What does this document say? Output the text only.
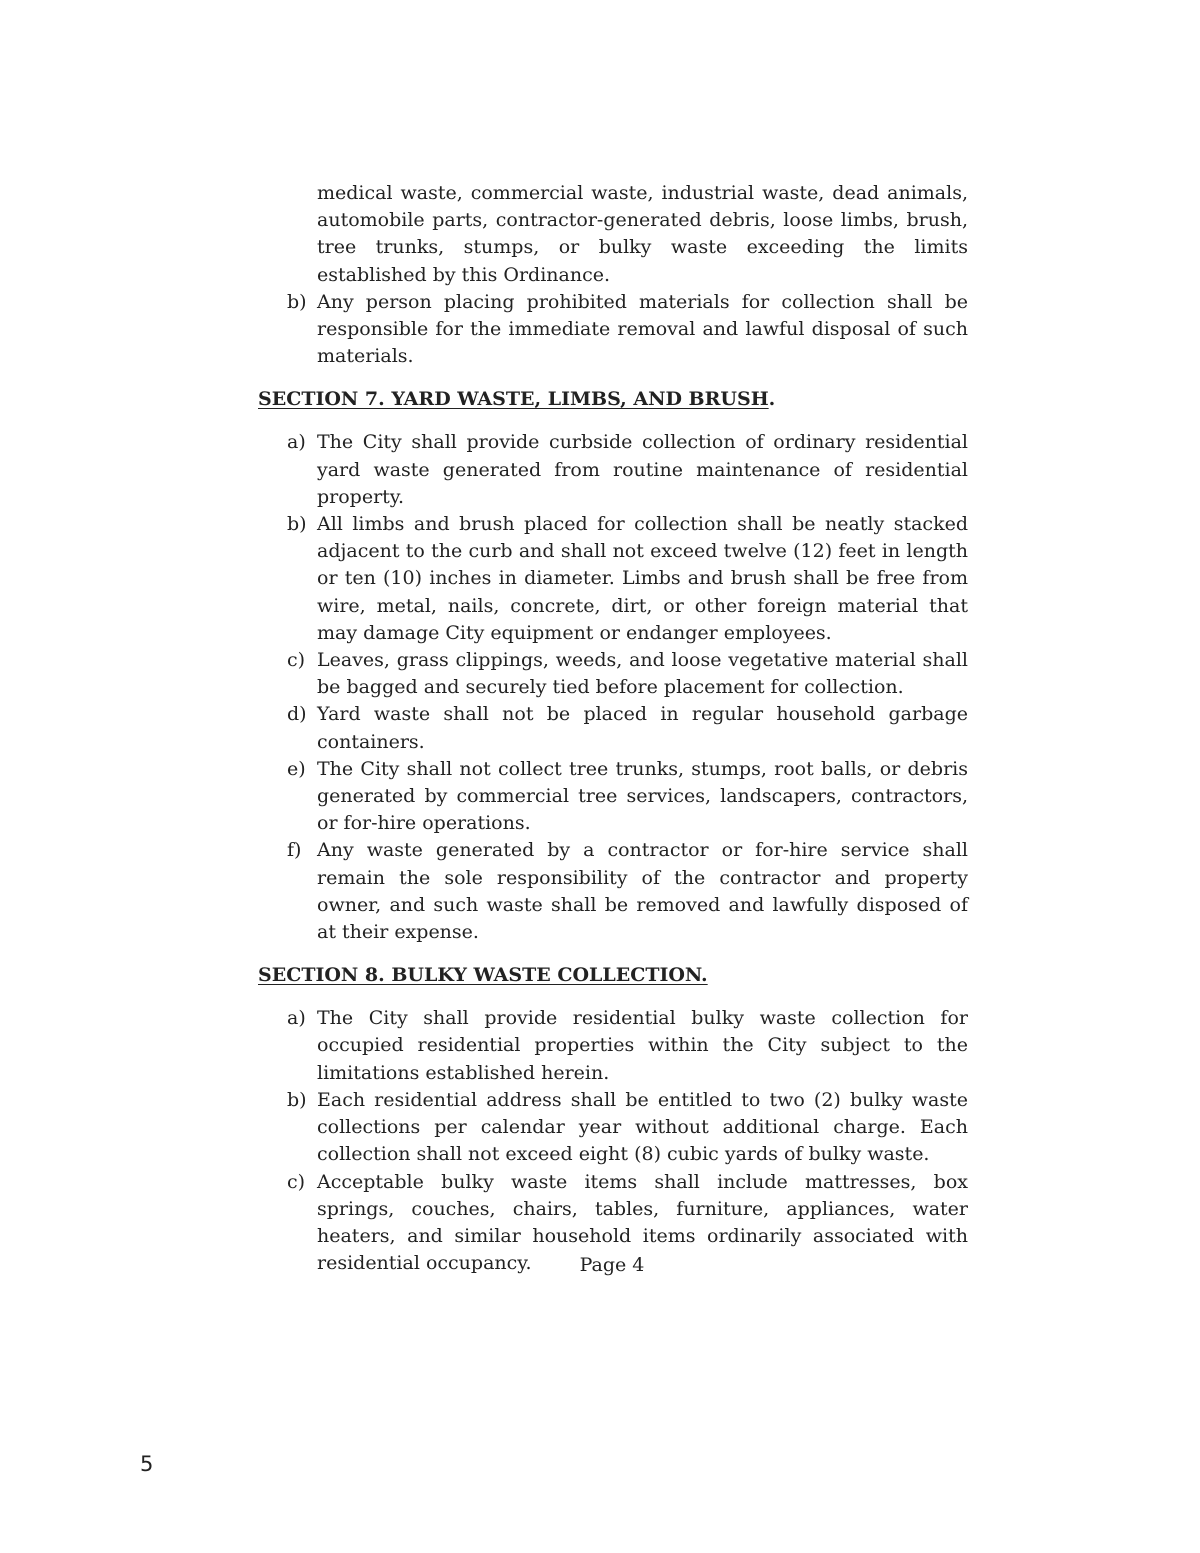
medical waste, commercial waste, industrial waste, dead animals, automobile parts, contractor-generated debris, loose limbs, brush, tree trunks, stumps, or bulky waste exceeding the limits established by this Ordinance.
b) Any person placing prohibited materials for collection shall be responsible for the immediate removal and lawful disposal of such materials.
SECTION 7. YARD WASTE, LIMBS, AND BRUSH.
a) The City shall provide curbside collection of ordinary residential yard waste generated from routine maintenance of residential property.
b) All limbs and brush placed for collection shall be neatly stacked adjacent to the curb and shall not exceed twelve (12) feet in length or ten (10) inches in diameter. Limbs and brush shall be free from wire, metal, nails, concrete, dirt, or other foreign material that may damage City equipment or endanger employees.
c) Leaves, grass clippings, weeds, and loose vegetative material shall be bagged and securely tied before placement for collection.
d) Yard waste shall not be placed in regular household garbage containers.
e) The City shall not collect tree trunks, stumps, root balls, or debris generated by commercial tree services, landscapers, contractors, or for-hire operations.
f) Any waste generated by a contractor or for-hire service shall remain the sole responsibility of the contractor and property owner, and such waste shall be removed and lawfully disposed of at their expense.
SECTION 8. BULKY WASTE COLLECTION.
a) The City shall provide residential bulky waste collection for occupied residential properties within the City subject to the limitations established herein.
b) Each residential address shall be entitled to two (2) bulky waste collections per calendar year without additional charge. Each collection shall not exceed eight (8) cubic yards of bulky waste.
c) Acceptable bulky waste items shall include mattresses, box springs, couches, chairs, tables, furniture, appliances, water heaters, and similar household items ordinarily associated with residential occupancy.	Page 4
5
